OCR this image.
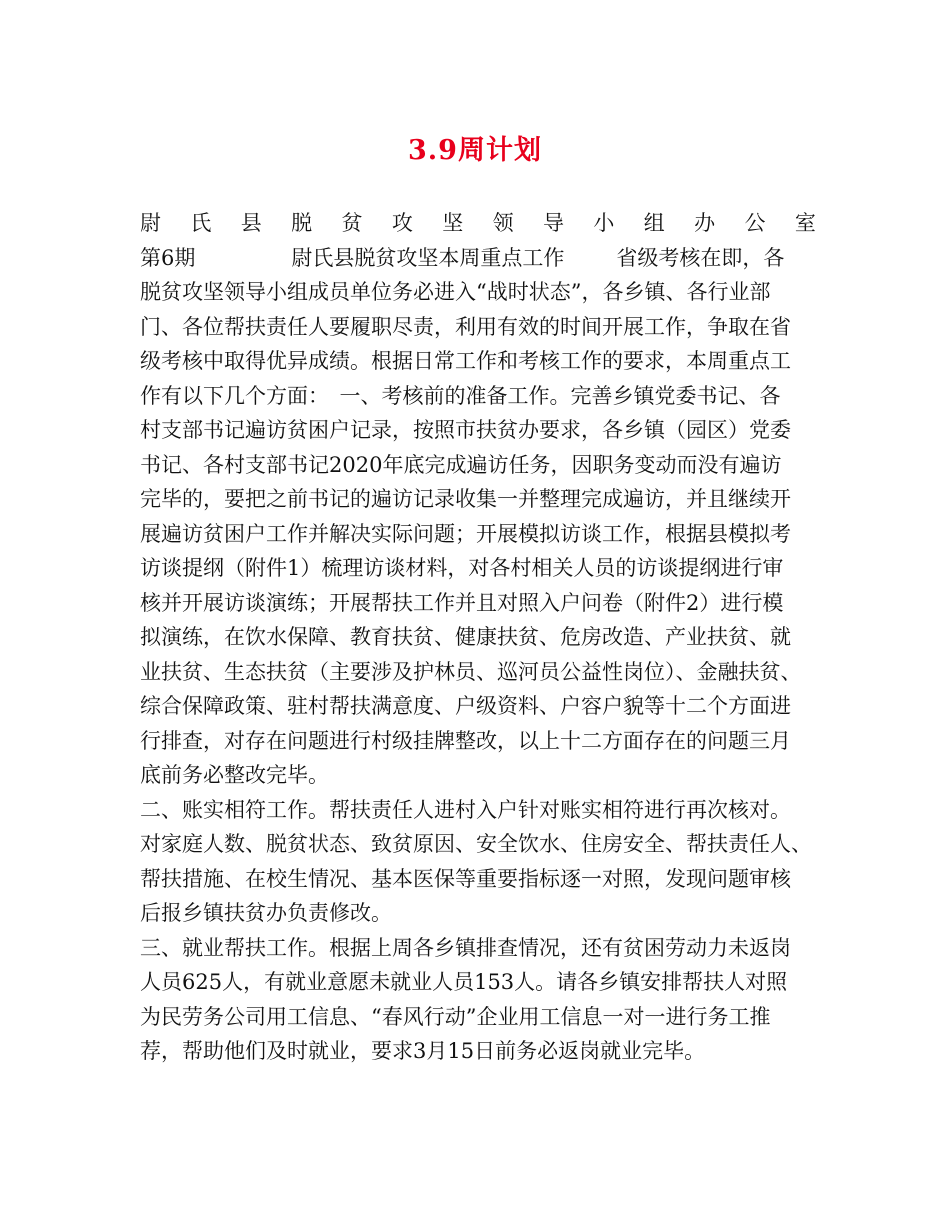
3.9周计划
尉 氏 县 脱 贫 攻 坚 领 导 小 组 办 公 室
第6期	尉氏县脱贫攻坚本周重点工作 省级考核在即，各
脱贫攻坚领导小组成员单位务必进入“战时状态”，各乡镇、各行业部
门、各位帮扶责任人要履职尽责，利用有效的时间开展工作，争取在省
级考核中取得优异成绩。根据日常工作和考核工作的要求，本周重点工
作有以下几个方面：　一、考核前的准备工作。完善乡镇党委书记、各
村支部书记遍访贫困户记录，按照市扶贫办要求，各乡镇（园区）党委
书记、各村支部书记2020年底完成遍访任务，因职务变动而没有遍访
完毕的，要把之前书记的遍访记录收集一并整理完成遍访，并且继续开
展遍访贫困户工作并解决实际问题；开展模拟访谈工作，根据县模拟考
访谈提纲（附件1）梳理访谈材料，对各村相关人员的访谈提纲进行审
核并开展访谈演练；开展帮扶工作并且对照入户问卷（附件2）进行模
拟演练，在饮水保障、教育扶贫、健康扶贫、危房改造、产业扶贫、就
业扶贫、生态扶贫（主要涉及护林员、巡河员公益性岗位）、金融扶贫、
综合保障政策、驻村帮扶满意度、户级资料、户容户貌等十二个方面进
行排查，对存在问题进行村级挂牌整改，以上十二方面存在的问题三月
底前务必整改完毕。
二、账实相符工作。帮扶责任人进村入户针对账实相符进行再次核对。
对家庭人数、脱贫状态、致贫原因、安全饮水、住房安全、帮扶责任人、
帮扶措施、在校生情况、基本医保等重要指标逐一对照，发现问题审核
后报乡镇扶贫办负责修改。
三、就业帮扶工作。根据上周各乡镇排查情况，还有贫困劳动力未返岗
人员625人，有就业意愿未就业人员153人。请各乡镇安排帮扶人对照
为民劳务公司用工信息、“春风行动”企业用工信息一对一进行务工推
荐，帮助他们及时就业，要求3月15日前务必返岗就业完毕。
